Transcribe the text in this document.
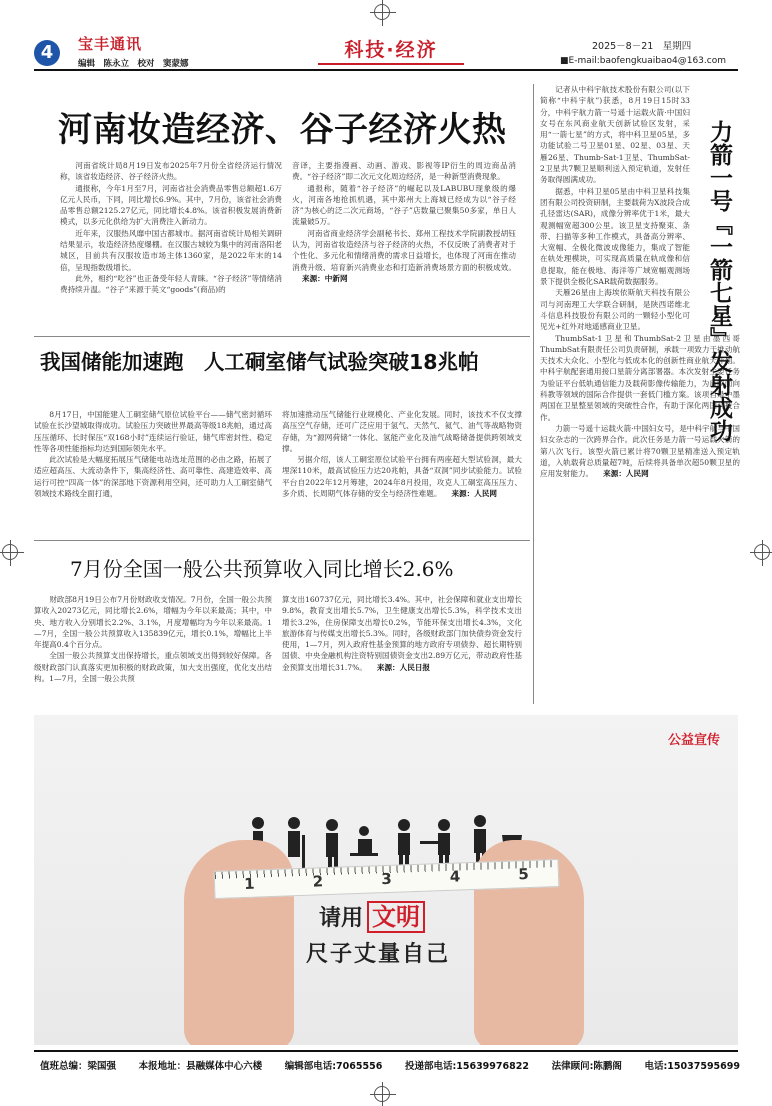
4	宝丰通讯
编辑　陈永立　校对　窦蒙娜
科技·经济	2025－8－21　星期四
■E-mail:baofengkuaibao4@163.com
河南妆造经济、谷子经济火热

河南省统计局8月19日发布2025年7月份全省经济运行情况称，该省妆造经济、谷子经济火热。

通报称，今年1月至7月，河南省社会消费品零售总额超1.6万亿元人民币，下同，同比增长6.9%。其中，7月份，该省社会消费品零售总额2125.27亿元，同比增长4.8%。该省积极发展消费新模式，以多元化供给为扩大消费注入新动力。

近年来，汉服热风靡中国古都城市。据河南省统计局相关调研结果显示，妆造经济热度爆棚。在汉服古城较为集中的河南洛阳老城区，目前共有汉服妆造市场主体1360家，是2022年末的14倍，呈现指数级增长。

此外，相约“吃谷”也正备受年轻人青睐。“谷子经济”等情绪消费持续升温。“谷子”来源于英文“goods”(商品)的

音译，主要指漫画、动画、游戏、影视等IP衍生的周边商品消费。“谷子经济”即二次元文化周边经济，是一种新型消费现象。

通报称，随着“谷子经济”的崛起以及LABUBU现象级的爆火，河南各地抢抓机遇，其中郑州大上海城已经成为以“谷子经济”为核心的泛二次元商场，“谷子”店数量已聚集50多家，单日人流量破5万。

河南省商业经济学会副秘书长、郑州工程技术学院副教授胡钰认为，河南省妆造经济与谷子经济的火热，不仅反映了消费者对于个性化、多元化和情绪消费的需求日益增长，也体现了河南在推动消费升级、培育新兴消费业态和打造新消费场景方面的积极成效。来源：中新网

我国储能加速跑　人工硐室储气试验突破18兆帕

8月17日，中国能建人工硐室储气原位试验平台——储气密封循环试验在长沙望城取得成功。试验压力突破世界最高等级18兆帕，通过高压压循环、长时保压“双168小时”连续运行验证，储气库密封性、稳定性等各项性能指标均达到国际领先水平。

此次试验是大幅度拓展压气储能电站选址范围的必由之路，拓展了适应超高压、大流动条件下，集高经济性、高可靠性、高建造效率、高运行可控“四高一体”的深部地下资源利用空间，还可助力人工硐室储气领域技术路线全面打通，

将加速推动压气储能行业规模化、产业化发展。同时，该技术不仅支撑高压空气存储，还可广泛应用于氢气、天然气、氦气、油气等战略物资存储，为“源网荷储”一体化、氢能产业化及油气战略储备提供跨领域支撑。

另据介绍，该人工硐室原位试验平台拥有两座超大型试验洞，最大埋深110米，最高试验压力达20兆帕，具备“双洞”同步试验能力。试验平台自2022年12月筹建，2024年8月投用，攻克人工硐室高压压力、多介质、长周期气体存储的安全与经济性难题。 来源：人民网

7月份全国一般公共预算收入同比增长2.6%

财政部8月19日公布7月份财政收支情况。7月份，全国一般公共预算收入20273亿元，同比增长2.6%，增幅为今年以来最高；其中，中央、地方收入分别增长2.2%、3.1%，月度增幅均为今年以来最高。1—7月，全国一般公共预算收入135839亿元，增长0.1%，增幅比上半年提高0.4个百分点。

全国一般公共预算支出保持增长，重点领域支出得到较好保障。各级财政部门认真落实更加积极的财政政策，加大支出强度，优化支出结构。1—7月，全国一般公共预

算支出160737亿元，同比增长3.4%。其中，社会保障和就业支出增长9.8%，教育支出增长5.7%，卫生健康支出增长5.3%，科学技术支出增长3.2%，住房保障支出增长0.2%，节能环保支出增长4.3%，文化旅游体育与传媒支出增长5.3%。同时，各级财政部门加快债券资金发行使用，1—7月，列入政府性基金预算的地方政府专项债券、超长期特别国债、中央金融机构注资特别国债资金支出2.89万亿元，带动政府性基金预算支出增长31.7%。 来源：人民日报

记者从中科宇航技术股份有限公司(以下简称“中科宇航”)获悉，8月19日15时33分，中科宇航力箭一号遥十运载火箭·中国妇女号在东风商业航天创新试验区发射，采用“一箭七星”的方式，将中科卫星05星，多功能试验二号卫星01星、02星、03星、天雁26星、Thumb-Sat-1卫星、ThumbSat-2卫星共7颗卫星顺利送入预定轨道，发射任务取得圆满成功。

据悉，中科卫星05星由中科卫星科技集团有限公司投资研制，主要载荷为X波段合成孔径雷达(SAR)，成像分辨率优于1米，最大观测幅宽超300公里。该卫星支持聚束、条带、扫描等多种工作模式，具备高分辨率、大宽幅、全极化微波成像能力，集成了智能在轨处理模块，可实现高质量在轨成像和信息提取，能在极地、海洋等广域宽幅观测场景下提供全极化SAR载荷数据服务。

天雁26星由上海埃依斯航天科技有限公司与河南理工大学联合研制，是陕西诺维北斗信息科技股份有限公司的一颗轻小型化可见光+红外对地遥感商业卫星。

ThumbSat-1卫星和ThumbSat-2卫星由墨西哥ThumbSat有限责任公司负责研制，承载一项致力于推动航天技术大众化、小型化与低成本化的创新性商业航天计划。中科宇航配套通用接口星箭分离部署器。本次发射主要任务为验证平台低轨通信能力及载荷影像传输能力，为后续面向科教等领域的国际合作提供一套低门槛方案。该项目是中墨两国在卫星整星领域的突破性合作，有助于深化两国科技合作。

力箭一号遥十运载火箭·中国妇女号，是中科宇航与中国妇女杂志的一次跨界合作。此次任务是力箭一号运载火箭的第八次飞行。该型火箭已累计将70颗卫星精准送入预定轨道，入轨载荷总质量超7吨，后续将具备单次超50颗卫星的应用发射能力。 来源：人民网

力箭一号『一箭七星』发射成功
公益宣传
1	2	3	4	5
请用 文明
尺子丈量自己
值班总编：梁国强 本报地址：县融媒体中心六楼 编辑部电话:7065556 投递部电话:15639976822 法律顾问:陈鹏阁 电话:15037595699
